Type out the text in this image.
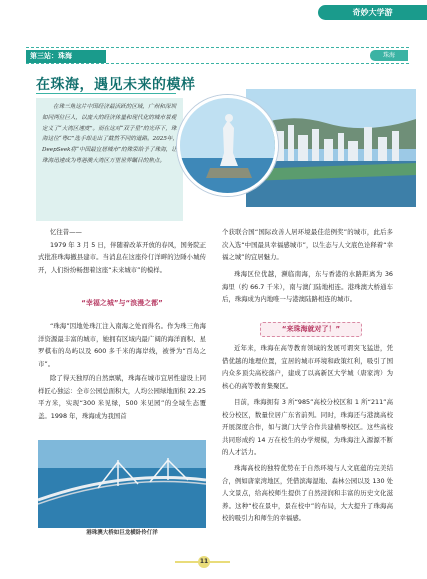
奇妙大学游
第三站：珠海	珠海
在珠海，遇见未来的模样
在珠三角这片中国经济最活跃的区域，广州和深圳如同两位巨人，以庞大的经济体量和现代化的城市景观定义了“大湾区速度”。而在这对“双子星”的光环下，珠海这位“粤C”选手却走出了截然不同的道路。2025年，DeepSeek将“中国最宜居城市”的殊荣给予了珠海，让珠海迅速成为粤港澳大湾区万里世界瞩目的焦点。
忆往昔——
1979 年 3 月 5 日，伴随着改革开放的春风，国务院正式批准珠海撤县建市。当消息在这座伶仃洋畔的边陲小城传开，人们纷纷畅想着这座“未来城市”的模样。
“幸福之城”与“浪漫之都”
“珠海”因地处珠江注入南海之处而得名。作为珠三角海洋资源最丰富的城市，她拥有区域内最广阔的海洋面积、星罗棋布的岛屿以及 600 多千米的海岸线，被誉为“百岛之市”。
除了得天独厚的自然禀赋，珠海在城市宜居性建设上同样匠心独运：全市公园总面积大，人均公园绿地面积 22.25 平方米，实现“300 米见绿，500 米见园”的全域生态覆盖。1998 年，珠海成为我国首
港珠澳大桥如巨龙横卧伶仃洋
个获联合国“国际改善人居环境最佳范例奖”的城市，此后多次入选“中国最具幸福感城市”，以生态与人文底色诠释着“幸福之城”的宜居魅力。
珠海区位优越，濒临南海，东与香港的水路距离为 36 海里（约 66.7 千米），南与澳门陆地相连。港珠澳大桥通车后，珠海成为内地唯一与港澳陆路相连的城市。
“来珠海就对了！”
近年来，珠海在高等教育领域的发展可谓突飞猛进，凭借优越的地理位置，宜居的城市环境和政策红利，吸引了国内众多顶尖高校落户，建成了以高新区大学城（唐家湾）为核心的高等教育集聚区。
目前，珠海拥有 3 所“985”高校分校区和 1 所“211”高校分校区，数量位居广东省前列。同时，珠海还与港澳高校开展深度合作，如与澳门大学合作共建横琴校区。这些高校共同形成约 14 万在校生的办学规模，为珠海注入源源不断的人才活力。
珠海高校的独特优势在于自然环境与人文底蕴的完美结合，例如唐家湾地区，凭借滨海湿地、森林公园以及 130 处人文景点，给高校师生提供了自然浸润和丰富的历史文化滋养。这种“校在景中，景在校中”的布局，大大提升了珠海高校的吸引力和师生的幸福感。
11
